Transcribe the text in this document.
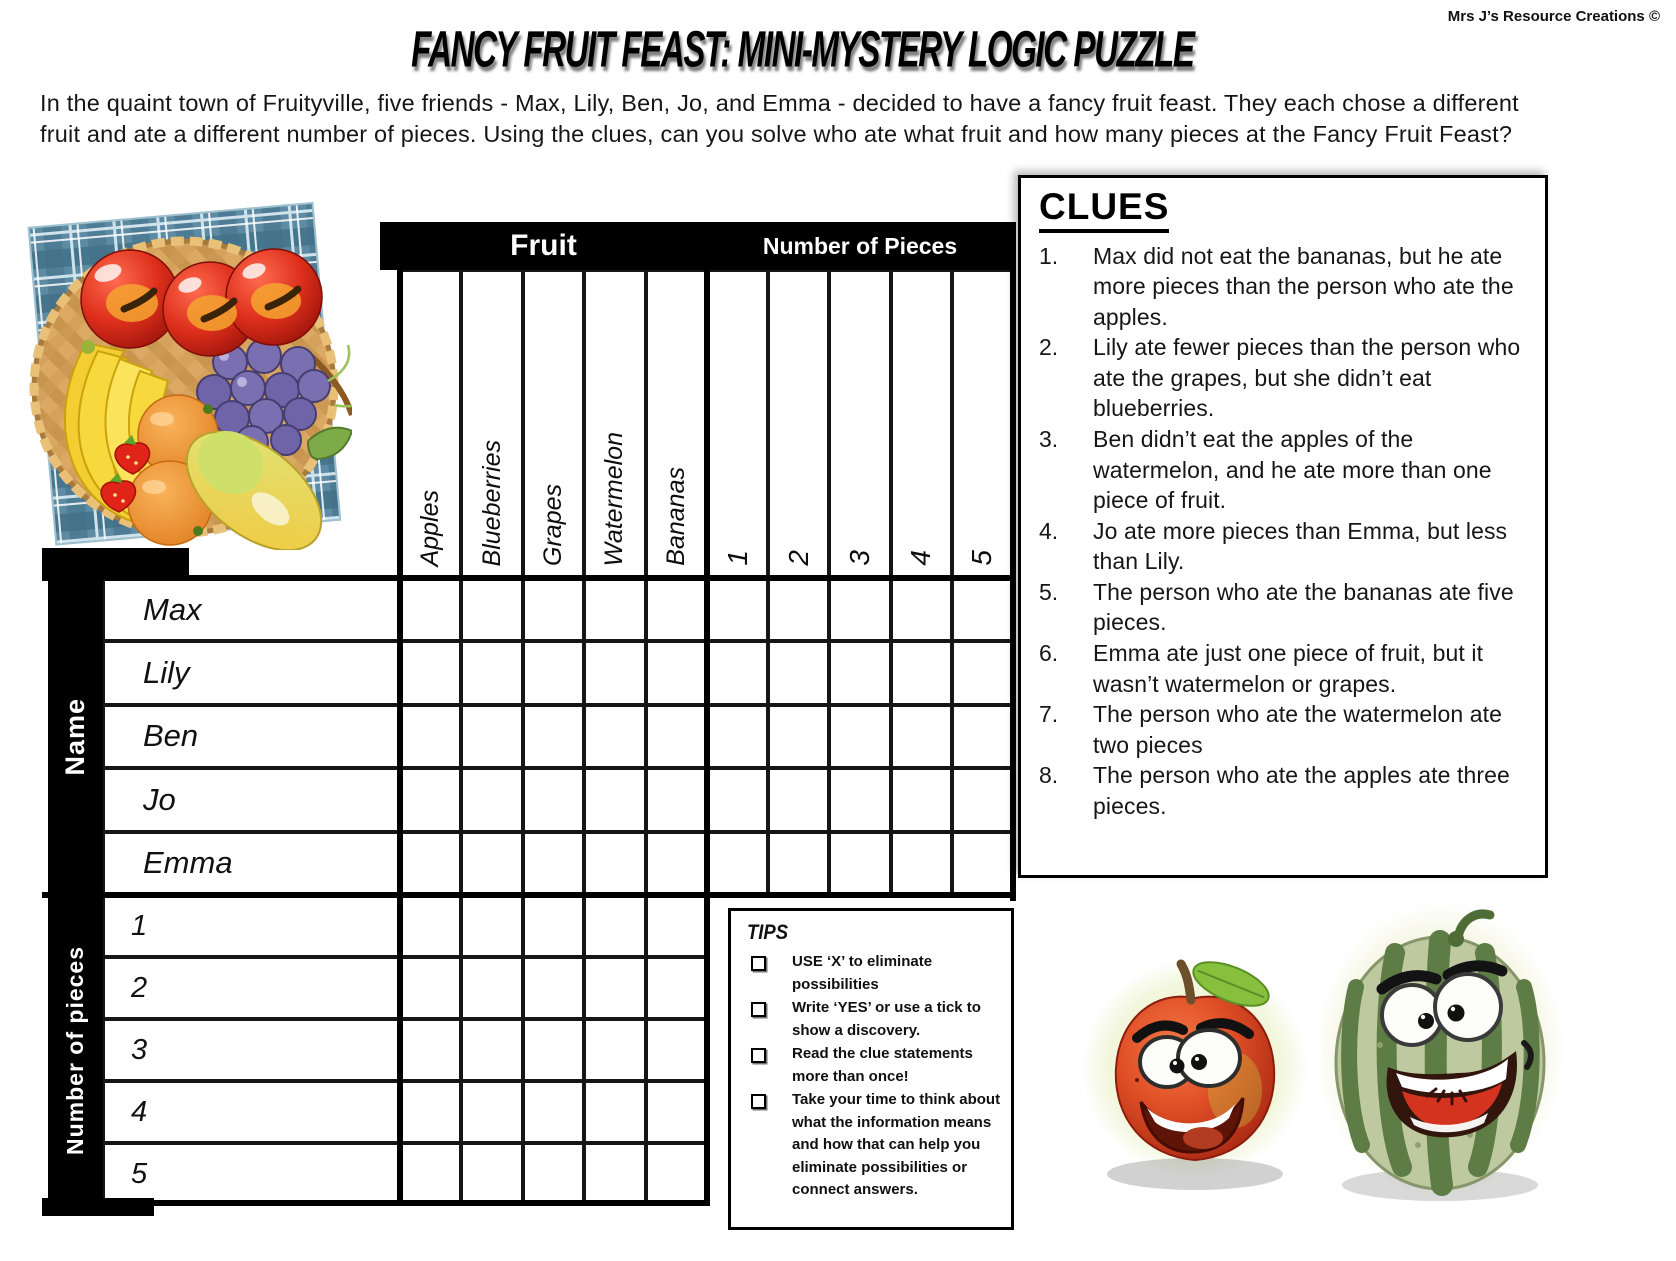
Mrs J’s Resource Creations ©
FANCY FRUIT FEAST: MINI-MYSTERY LOGIC PUZZLE
In the quaint town of Fruityville, five friends - Max, Lily, Ben, Jo, and Emma - decided to have a fancy fruit feast. They each chose a different fruit and ate a different number of pieces. Using the clues, can you solve who ate what fruit and how many pieces at the Fancy Fruit Feast?
Fruit	Number of Pieces
Apples Blueberries Grapes Watermelon Bananas 1 2 3 4 5
Max
Lily
Ben
Jo
Emma
1
2
3
4
5
Name
Number of pieces
TIPS
USE ‘X’ to eliminate possibilities
Write ‘YES’ or use a tick to show a discovery.
Read the clue statements more than once!
Take your time to think about what the information means and how that can help you eliminate possibilities or connect answers.
CLUES
1.	Max did not eat the bananas, but he ate more pieces than the person who ate the apples.
2.	Lily ate fewer pieces than the person who ate the grapes, but she didn’t eat blueberries.
3.	Ben didn’t eat the apples of the watermelon, and he ate more than one piece of fruit.
4.	Jo ate more pieces than Emma, but less than Lily.
5.	The person who ate the bananas ate five pieces.
6.	Emma ate just one piece of fruit, but it wasn’t watermelon or grapes.
7.	The person who ate the watermelon ate two pieces
8.	The person who ate the apples ate three pieces.
